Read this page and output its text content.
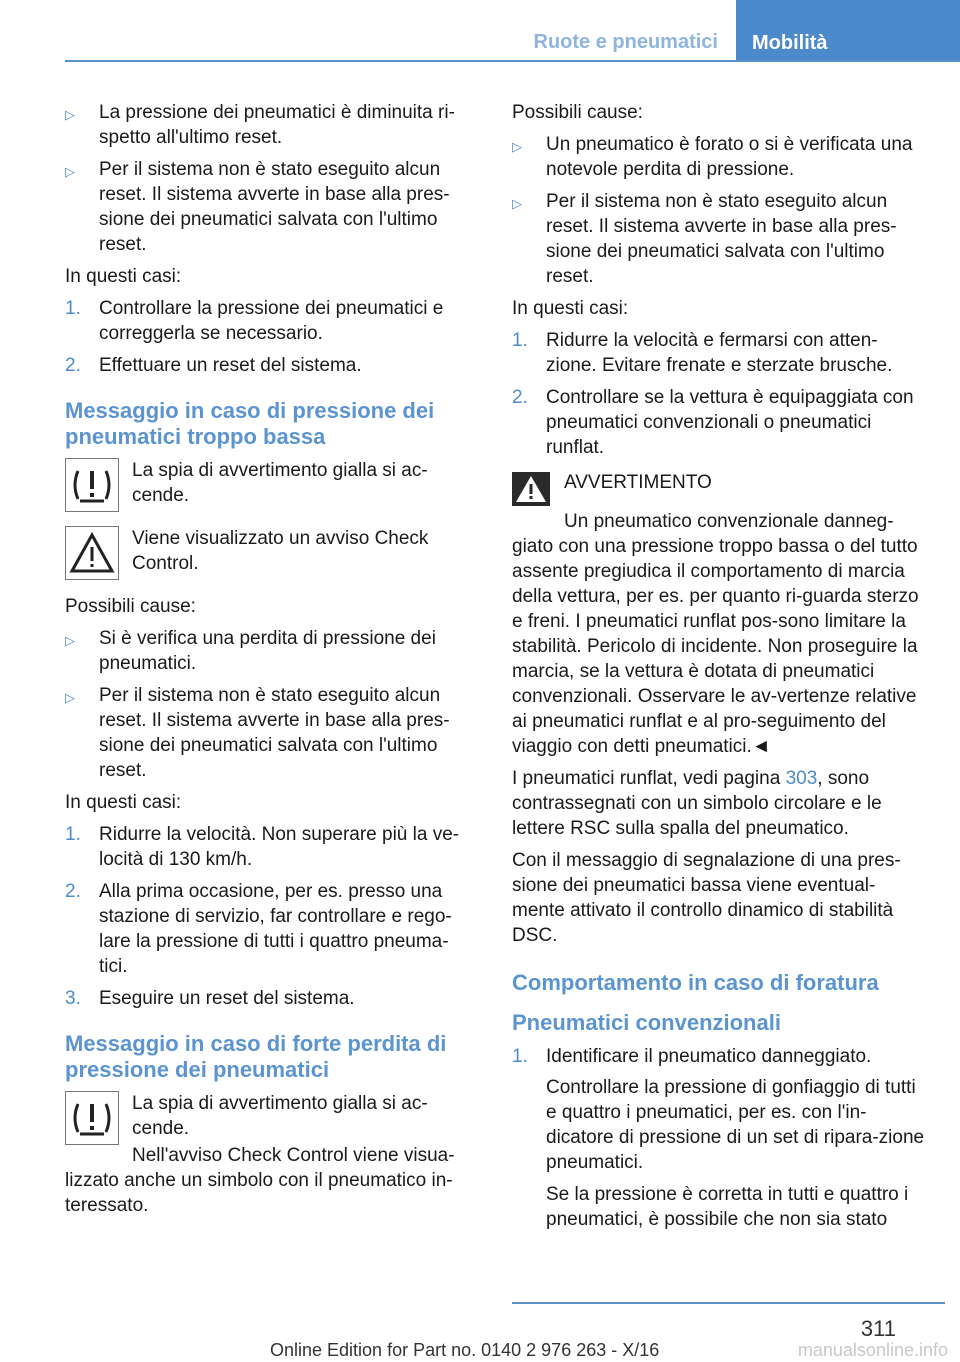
Ruote e pneumatici	Mobilità
▷	La pressione dei pneumatici è diminuita ri-spetto all'ultimo reset.
▷	Per il sistema non è stato eseguito alcun reset. Il sistema avverte in base alla pres-sione dei pneumatici salvata con l'ultimo reset.

In questi casi:

1. Controllare la pressione dei pneumatici e correggerla se necessario.
2. Effettuare un reset del sistema.
Messaggio in caso di pressione dei pneumatici troppo bassa
La spia di avvertimento gialla si ac-cende.
Viene visualizzato un avviso Check Control.

Possibili cause:

▷	Si è verifica una perdita di pressione dei pneumatici.
▷	Per il sistema non è stato eseguito alcun reset. Il sistema avverte in base alla pres-sione dei pneumatici salvata con l'ultimo reset.

In questi casi:

1. Ridurre la velocità. Non superare più la ve-locità di 130 km/h.
2. Alla prima occasione, per es. presso una stazione di servizio, far controllare e rego-lare la pressione di tutti i quattro pneuma-tici.
3. Eseguire un reset del sistema.
Messaggio in caso di forte perdita di pressione dei pneumatici
La spia di avvertimento gialla si ac-cende.

Nell'avviso Check Control viene visua-lizzato anche un simbolo con il pneumatico in-teressato.

Possibili cause:

▷	Un pneumatico è forato o si è verificata una notevole perdita di pressione.
▷	Per il sistema non è stato eseguito alcun reset. Il sistema avverte in base alla pres-sione dei pneumatici salvata con l'ultimo reset.

In questi casi:

1. Ridurre la velocità e fermarsi con atten-zione. Evitare frenate e sterzate brusche.
2. Controllare se la vettura è equipaggiata con pneumatici convenzionali o pneumatici runflat.
AVVERTIMENTO

Un pneumatico convenzionale danneg-giato con una pressione troppo bassa o del tutto assente pregiudica il comportamento di marcia della vettura, per es. per quanto ri-guarda sterzo e freni. I pneumatici runflat pos-sono limitare la stabilità. Pericolo di incidente. Non proseguire la marcia, se la vettura è dotata di pneumatici convenzionali. Osservare le av-vertenze relative ai pneumatici runflat e al pro-seguimento del viaggio con detti pneumatici.◄

I pneumatici runflat, vedi pagina 303, sono contrassegnati con un simbolo circolare e le lettere RSC sulla spalla del pneumatico.

Con il messaggio di segnalazione di una pres-sione dei pneumatici bassa viene eventual-mente attivato il controllo dinamico di stabilità DSC.

Comportamento in caso di foratura
Pneumatici convenzionali
1. Identificare il pneumatico danneggiato.

Controllare la pressione di gonfiaggio di tutti e quattro i pneumatici, per es. con l'in-dicatore di pressione di un set di ripara-zione pneumatici.

Se la pressione è corretta in tutti e quattro i pneumatici, è possibile che non sia stato

311
Online Edition for Part no. 0140 2 976 263 - X/16	manualsonline.info
